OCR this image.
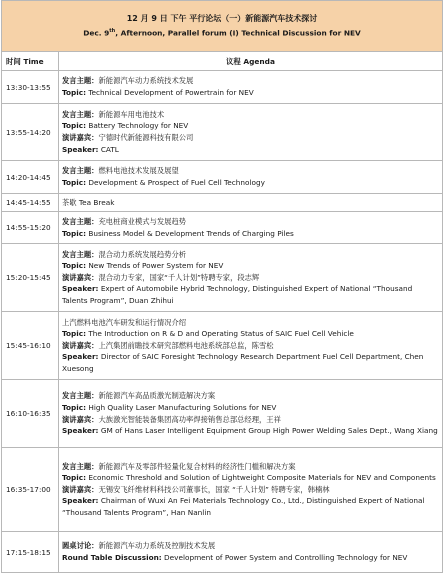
12 月 9 日 下午 平行论坛（一）新能源汽车技术探讨
Dec. 9th, Afternoon, Parallel forum (I) Technical Discussion for NEV	

时间 Time	议程 Agenda
13:30-13:55	发言主题：新能源汽车动力系统技术发展
Topic: Technical Development of Powertrain for NEV

13:55-14:20	发言主题：新能源车用电池技术
Topic: Battery Technology for NEV
演讲嘉宾：宁德时代新能源科技有限公司
Speaker: CATL

14:20-14:45	发言主题：燃料电池技术发展及展望
Topic: Development & Prospect of Fuel Cell Technology

14:45-14:55	茶歇 Tea Break
14:55-15:20	发言主题：充电桩商业模式与发展趋势
Topic: Business Model & Development Trends of Charging Piles

15:20-15:45	发言主题：混合动力系统发展趋势分析
Topic: New Trends of Power System for NEV
演讲嘉宾：混合动力专家，国家“千人计划”特聘专家，段志辉
Speaker: Expert of Automobile Hybrid Technology, Distinguished Expert of National “Thousand Talents Program”, Duan Zhihui

15:45-16:10	上汽燃料电池汽车研发和运行情况介绍
Topic: The Introduction on R & D and Operating Status of SAIC Fuel Cell Vehicle
演讲嘉宾：上汽集团前瞻技术研究部燃料电池系统部总监，陈雪松
Speaker: Director of SAIC Foresight Technology Research Department Fuel Cell Department, Chen Xuesong

16:10-16:35	发言主题：新能源汽车高品质激光制造解决方案
Topic: High Quality Laser Manufacturing Solutions for NEV
演讲嘉宾：大族激光智能装备集团高功率焊接销售总部总经理，王祥
Speaker: GM of Hans Laser Intelligent Equipment Group High Power Welding Sales Dept., Wang Xiang

16:35-17:00	发言主题：新能源汽车及零部件轻量化复合材料的经济性门槛和解决方案
Topic: Economic Threshold and Solution of Lightweight Composite Materials for NEV and Components
演讲嘉宾：无锡安飞纤维材料科技公司董事长，国家 “千人计划” 特聘专家，韩楠林
Speaker: Chairman of Wuxi An Fei Materials Technology Co., Ltd., Distinguished Expert of National “Thousand Talents Program”, Han Nanlin

17:15-18:15	圆桌讨论：新能源汽车动力系统及控制技术发展
Round Table Discussion: Development of Power System and Controlling Technology for NEV
